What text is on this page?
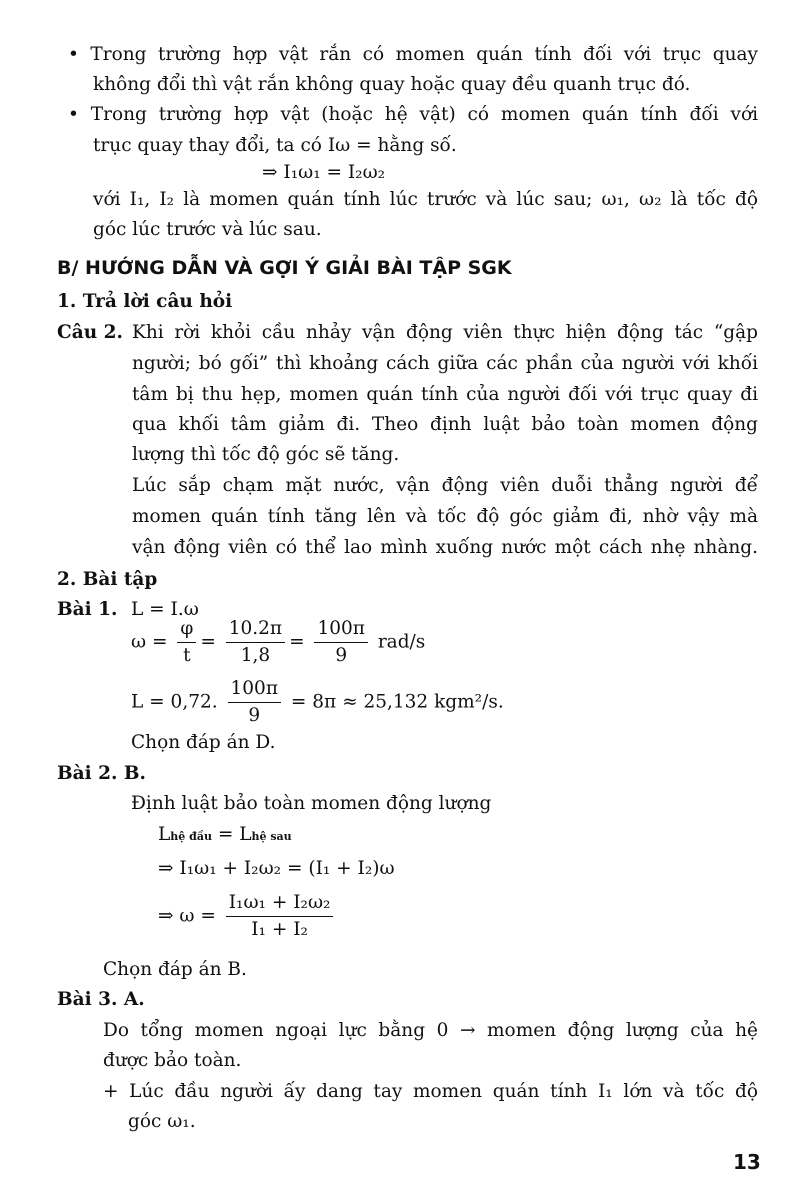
• Trong trường hợp vật rắn có momen quán tính đối với trục quay
không đổi thì vật rắn không quay hoặc quay đều quanh trục đó.
• Trong trường hợp vật (hoặc hệ vật) có momen quán tính đối với
trục quay thay đổi, ta có Iω = hằng số.
⇒ I₁ω₁ = I₂ω₂
với I₁, I₂ là momen quán tính lúc trước và lúc sau; ω₁, ω₂ là tốc độ
góc lúc trước và lúc sau.
B/ HƯỚNG DẪN VÀ GỢI Ý GIẢI BÀI TẬP SGK
1. Trả lời câu hỏi
Câu 2. Khi rời khỏi cầu nhảy vận động viên thực hiện động tác “gập
người; bó gối” thì khoảng cách giữa các phần của người với khối
tâm bị thu hẹp, momen quán tính của người đối với trục quay đi
qua khối tâm giảm đi. Theo định luật bảo toàn momen động
lượng thì tốc độ góc sẽ tăng.
Lúc sắp chạm mặt nước, vận động viên duỗi thẳng người để
momen quán tính tăng lên và tốc độ góc giảm đi, nhờ vậy mà
vận động viên có thể lao mình xuống nước một cách nhẹ nhàng.
2. Bài tập
Bài 1. L = I.ω
$\omega = \frac{\varphi}{t} = \frac{10.2\pi}{1,8} = \frac{100\pi}{9} rad/s$
L = 0,72. $\frac{100\pi}{9} = 8\pi \approx 25,132$ kgm²/s.
Chọn đáp án D.
Bài 2. B.
Định luật bảo toàn momen động lượng
Lhệ đầu = Lhệ sau
⇒ I₁ω₁ + I₂ω₂ = (I₁ + I₂)ω
⇒ $\omega = \frac{\text{I₁ω₁ + I₂ω₂}}{\text{I₁ + I₂}}$
Chọn đáp án B.
Bài 3. A.
Do tổng momen ngoại lực bằng 0 → momen động lượng của hệ
được bảo toàn.
+ Lúc đầu người ấy dang tay momen quán tính I₁ lớn và tốc độ
góc ω₁.
13
